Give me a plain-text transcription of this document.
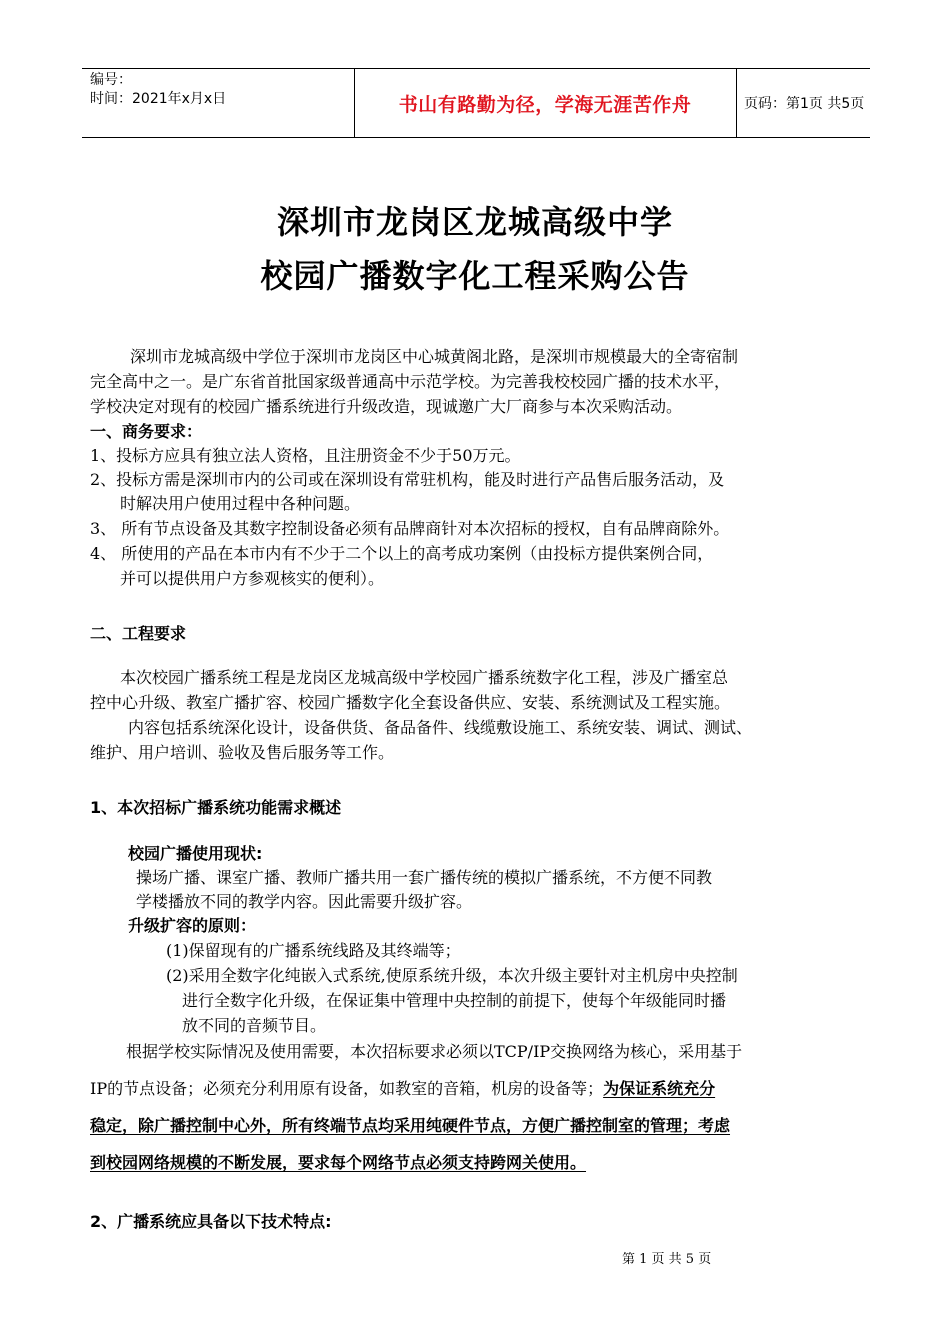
编号：
时间：2021年x月x日	书山有路勤为径，学海无涯苦作舟	页码：第1页 共5页
深圳市龙岗区龙城高级中学
校园广播数字化工程采购公告
深圳市龙城高级中学位于深圳市龙岗区中心城黄阁北路，是深圳市规模最大的全寄宿制
完全高中之一。是广东省首批国家级普通高中示范学校。为完善我校校园广播的技术水平，
学校决定对现有的校园广播系统进行升级改造，现诚邀广大厂商参与本次采购活动。
一、商务要求：
1、投标方应具有独立法人资格，且注册资金不少于50万元。
2、投标方需是深圳市内的公司或在深圳设有常驻机构，能及时进行产品售后服务活动，及
时解决用户使用过程中各种问题。
3、 所有节点设备及其数字控制设备必须有品牌商针对本次招标的授权，自有品牌商除外。
4、 所使用的产品在本市内有不少于二个以上的高考成功案例（由投标方提供案例合同，
并可以提供用户方参观核实的便利）。
二、工程要求
本次校园广播系统工程是龙岗区龙城高级中学校园广播系统数字化工程，涉及广播室总
控中心升级、教室广播扩容、校园广播数字化全套设备供应、安装、系统测试及工程实施。
内容包括系统深化设计，设备供货、备品备件、线缆敷设施工、系统安装、调试、测试、
维护、用户培训、验收及售后服务等工作。
1、本次招标广播系统功能需求概述
校园广播使用现状:
操场广播、课室广播、教师广播共用一套广播传统的模拟广播系统，不方便不同教
学楼播放不同的教学内容。因此需要升级扩容。
升级扩容的原则：
(1)保留现有的广播系统线路及其终端等；
(2)采用全数字化纯嵌入式系统,使原系统升级，本次升级主要针对主机房中央控制
进行全数字化升级，在保证集中管理中央控制的前提下，使每个年级能同时播
放不同的音频节目。
根据学校实际情况及使用需要，本次招标要求必须以TCP/IP交换网络为核心，采用基于
IP的节点设备；必须充分利用原有设备，如教室的音箱，机房的设备等；为保证系统充分
稳定，除广播控制中心外，所有终端节点均采用纯硬件节点，方便广播控制室的管理；考虑
到校园网络规模的不断发展，要求每个网络节点必须支持跨网关使用。
2、广播系统应具备以下技术特点:
第 1 页 共 5 页
